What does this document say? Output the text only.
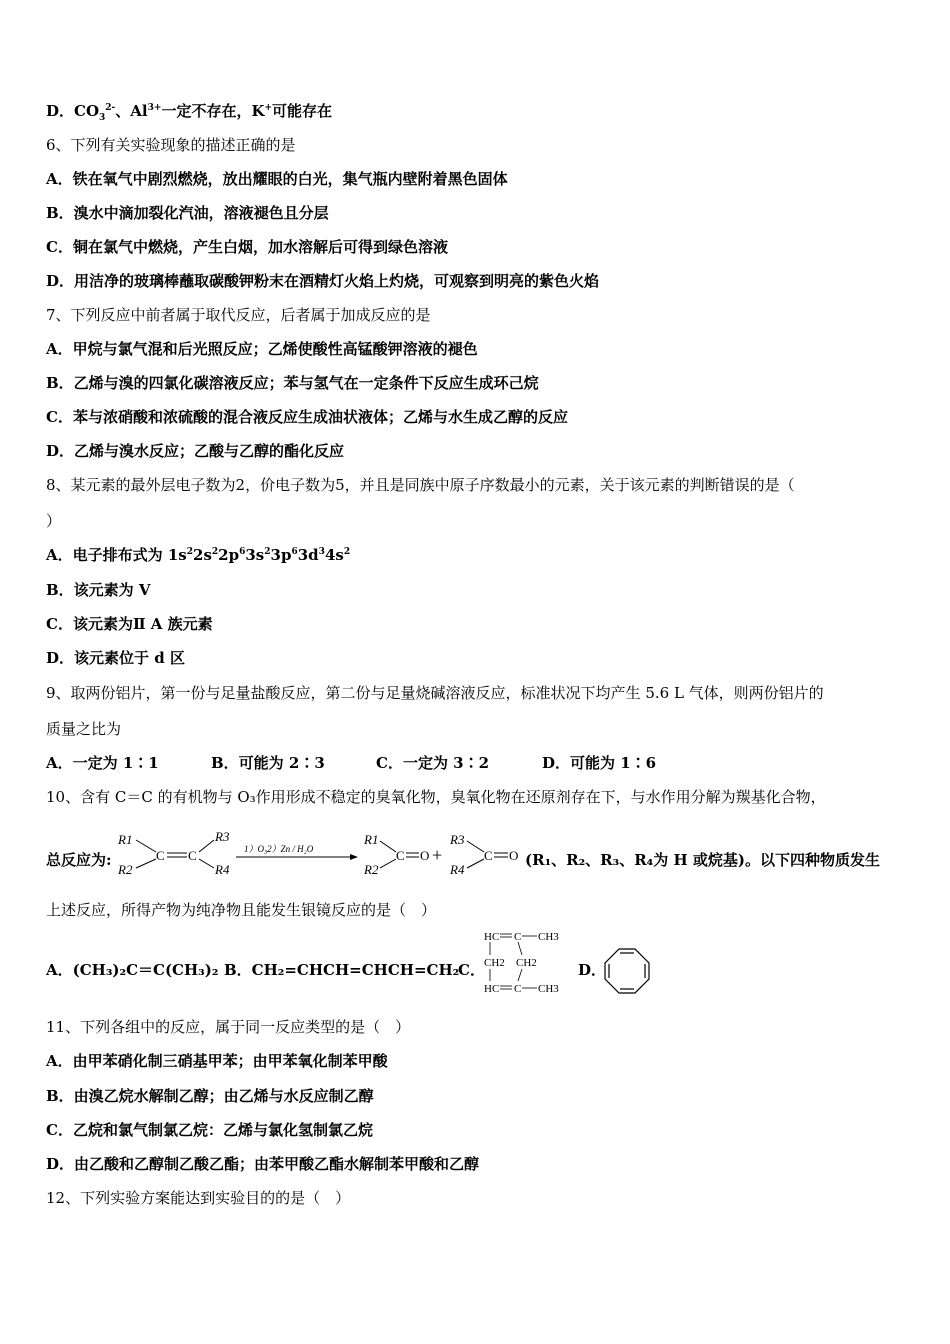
D．$CO_3^{2-}$、$Al^{3+}$一定不存在，K+可能存在
6、下列有关实验现象的描述正确的是
A．铁在氧气中剧烈燃烧，放出耀眼的白光，集气瓶内壁附着黑色固体
B．溴水中滴加裂化汽油，溶液褪色且分层
C．铜在氯气中燃烧，产生白烟，加水溶解后可得到绿色溶液
D．用洁净的玻璃棒蘸取碳酸钾粉末在酒精灯火焰上灼烧，可观察到明亮的紫色火焰
7、下列反应中前者属于取代反应，后者属于加成反应的是
A．甲烷与氯气混和后光照反应；乙烯使酸性高锰酸钾溶液的褪色
B．乙烯与溴的四氯化碳溶液反应；苯与氢气在一定条件下反应生成环己烷
C．苯与浓硝酸和浓硫酸的混合液反应生成油状液体；乙烯与水生成乙醇的反应
D．乙烯与溴水反应；乙酸与乙醇的酯化反应
8、某元素的最外层电子数为2，价电子数为5，并且是同族中原子序数最小的元素，关于该元素的判断错误的是（
）
A．电子排布式为 $1s^22s^22p^63s^23p^63d^34s^2$
B．该元素为 V
C．该元素为Ⅱ A 族元素
D．该元素位于 d 区
9、取两份铝片，第一份与足量盐酸反应，第二份与足量烧碱溶液反应，标准状况下均产生 5.6 L 气体，则两份铝片的
质量之比为
A．一定为 1∶1	B．可能为 2∶3	C．一定为 3∶2	D．可能为 1∶6
10、含有 C＝C 的有机物与 O₃作用形成不稳定的臭氧化物，臭氧化物在还原剂存在下，与水作用分解为羰基化合物，
总反应为:
R1
R2
R3
R4
C C	1）O₃2）Zn / H₂O
R1
R2
C O +
R3
R4
C O (R₁、R₂、R₃、R₄为 H 或烷基)。以下四种物质发生
上述反应，所得产物为纯净物且能发生银镜反应的是（　）
A．(CH₃)₂C＝C(CH₃)₂ B．CH₂=CHCH=CHCH=CH₂
C．	D．
HC C CH3
CH2 CH2
HC C CH3
11、下列各组中的反应，属于同一反应类型的是（　）
A．由甲苯硝化制三硝基甲苯；由甲苯氧化制苯甲酸
B．由溴乙烷水解制乙醇；由乙烯与水反应制乙醇
C．乙烷和氯气制氯乙烷：乙烯与氯化氢制氯乙烷
D．由乙酸和乙醇制乙酸乙酯；由苯甲酸乙酯水解制苯甲酸和乙醇
12、下列实验方案能达到实验目的的是（　）
